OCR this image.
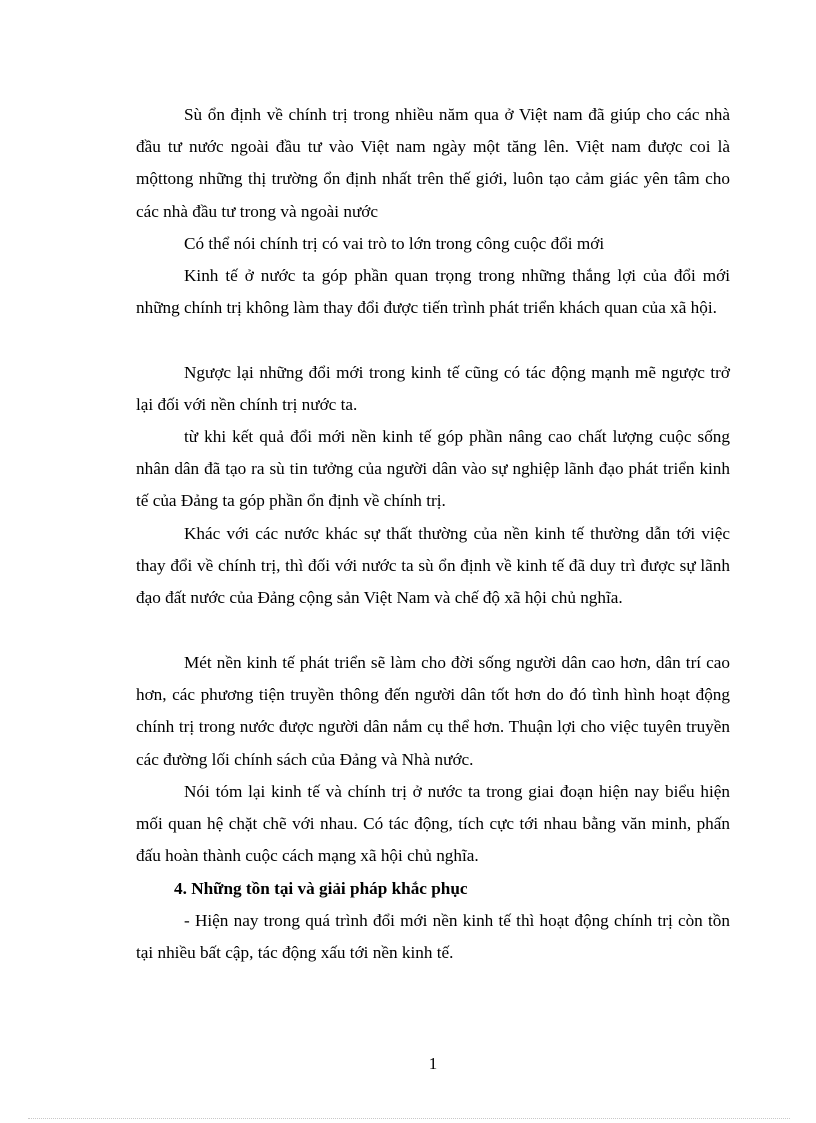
Sù ổn định về chính trị trong nhiều năm qua ở Việt nam đã giúp cho các nhà đầu tư nước ngoài đầu tư vào Việt nam ngày một tăng lên. Việt nam được coi là mộttong những thị trường ổn định nhất trên thế giới, luôn tạo cảm giác yên tâm cho các nhà đầu tư trong và ngoài nước

Có thể nói chính trị có vai trò to lớn trong công cuộc đổi mới

Kinh tế ở nước ta góp phần quan trọng trong những thắng lợi của đổi mới những chính trị không làm thay đổi được tiến trình phát triển khách quan của xã hội.

Ngược lại những đổi mới trong kinh tế cũng có tác động mạnh mẽ ngược trở lại đối với nền chính trị nước ta.

từ khi kết quả đổi mới nền kinh tế góp phần nâng cao chất lượng cuộc sống nhân dân đã tạo ra sù tin tưởng của người dân vào sự nghiệp lãnh đạo phát triển kinh tế của Đảng ta góp phần ổn định về chính trị.

Khác với các nước khác sự thất thường của nền kinh tế thường dẫn tới việc thay đổi về chính trị, thì đối với nước ta sù ổn định về kinh tế đã duy trì được sự lãnh đạo đất nước của Đảng cộng sản Việt Nam và chế độ xã hội chủ nghĩa.

Mét nền kinh tế phát triển sẽ làm cho đời sống người dân cao hơn, dân trí cao hơn, các phương tiện truyền thông đến người dân tốt hơn do đó tình hình hoạt động chính trị trong nước được người dân nắm cụ thể hơn. Thuận lợi cho việc tuyên truyền các đường lối chính sách của Đảng và Nhà nước.

Nói tóm lại kinh tế và chính trị ở nước ta trong giai đoạn hiện nay biểu hiện mối quan hệ chặt chẽ với nhau. Có tác động, tích cực tới nhau bằng văn minh, phấn đấu hoàn thành cuộc cách mạng xã hội chủ nghĩa.

4. Những tồn tại và giải pháp khắc phục

- Hiện nay trong quá trình đổi mới nền kinh tế thì hoạt động chính trị còn tồn tại nhiều bất cập, tác động xấu tới nền kinh tế.

1
